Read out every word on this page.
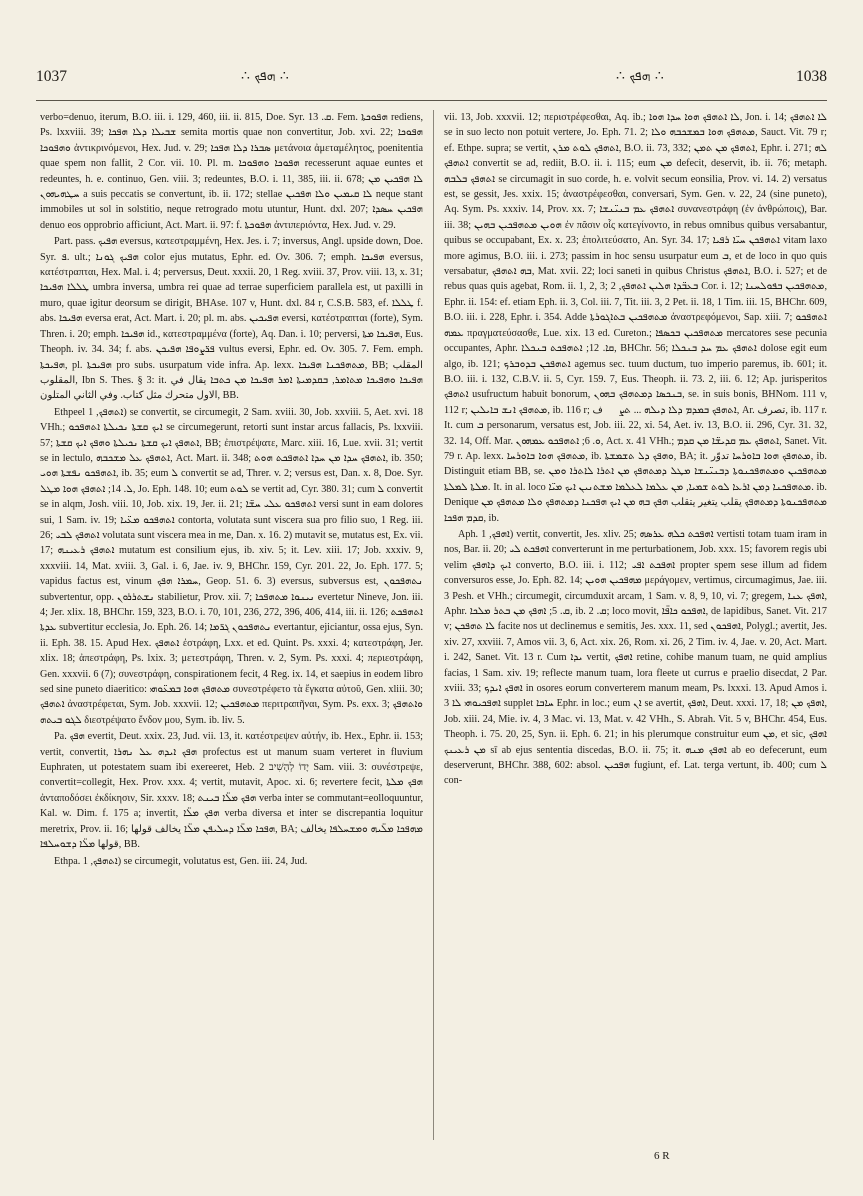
1037	∴ ܗܦܟ ∴	∴ ܗܦܟ ∴	1038

verbo=denuo, iterum, B.O. iii. i. 129, 460, iii. ii. 815, Doe. Syr. ܩ. 13. Fem. ܗܦܘܟܬܐ rediens, Ps. lxxviii. 39; ܫܒܝܠܐ ܕܠܐ ܗܦܟܐ semita mortis quae non convertitur, Job. xvi. 22; ܗܦܘܟܐ ܘܗܦܘܟܐ ἀντικρινόμενοι, Hex. Jud. v. 29; ܣܒܪܐ ܕܠܐ ܗܦܟܐ μετάνοια ἀμεταμέλητος, poenitentia quae spem non fallit, 2 Cor. vii. 10. Pl. m. ܗܦܘܟܐ ܘܗܦܘܟܐ recesserunt aquae euntes et redeuntes, h. e. continuo, Gen. viii. 3; redeuntes, B.O. i. 11, 385, iii. ii. 678; ܠܐ ܗܦܟܝܢ ܡܢ ܚܛܗܝܗܘܢ a suis peccatis se convertunt, ib. ii. 172; stellae ܠܐ ܩܝܡܝܢ ܘܠܐ ܗܦܟܝܢ neque stant immobiles ut sol in solstitio, neque retrogrado motu utuntur, Hunt. dxl. 207; ܗܦܟܝܢ ܚܣܕܐ denuo eos opprobrio afficiunt, Act. Mart. ii. 97: f. ܗܦܘܟܬܐ ἀντιπεριόντα, Hex. Jud. v. 29.

Part. pass. ܗܦܝܟ eversus, κατεστραμμένη, Hex. Jes. i. 7; inversus, Angl. upside down, Doe. Syr. ܦ. ult.; ܗܦܝܟ ܓܘܢܐ color ejus mutatus, Ephr. ed. Ov. 306. 7; emph. ܗܦܝܟܐ eversus, κατέστραπται, Hex. Mal. i. 4; perversus, Deut. xxxii. 20, 1 Reg. xviii. 37, Prov. viii. 13, x. 31; ܛܠܠܐ ܗܦܝܟܐ umbra inversa, umbra rei quae ad terrae superficiem parallela est, ut paxilli in muro, quae igitur deorsum se dirigit, BHAse. 107 v, Hunt. dxl. 84 r, C.S.B. 583, ef. ܛܠܠܐ f. abs. ܗܦܝܟܐ eversa erat, Act. Mart. i. 20; pl. m. abs. ܗܦܝܟܝܢ eversi, κατέστραπται (forte), Sym. Thren. i. 20; emph. ܗܦܝܟܐ id., κατεστραμμένα (forte), Aq. Dan. i. 10; perversi, ܗܦܝܟܐ ܡܬܐ, Eus. Theoph. iv. 34. 34; f. abs. ܦܪ̈ܨܘܦܐ ܗܦܝܟܢ vultus eversi, Ephr. ed. Ov. 305. 7. Fem. emph. ܗܦܝܟܬܐ, pl. ܗܦܝܟܬܐ pro subs. usurpatum vide infra. Ap. lexx. ܡܬܗܦܟܢܐ ܗܦܝܟܐ, BB; المقلب المقلوب, Ibn S. Thes. § 3: it. ܗܦܝܟܐ ܘܗܦܝܟܐ ܡܬܐܡܪ, ܒܩܕܡܝܬܐ ܐܡܪ ܗܦܝܟܐ ܡܢ ܟܬܒܐ يقال في الاول متحرك مثل كتاب. وفي الثاني المتلون, BB.

Ethpeel ܐܬܗܦܟ, 1) se convertit, se circumegit, 2 Sam. xviii. 30, Job. xxviii. 5, Aet. xvi. 18 VHh.; ܐܝܟ ܩܫܬܐ ܢܟܝܠܬܐ ܐܬܗܦܟܘ se circumegerunt, retorti sunt instar arcus fallacis, Ps. lxxviii. 57; ܐܬܗܦܟ ܐܝܟ ܩܫܬܐ ܢܟܝܠܬܐ ܘܗܦܟ ܐܝܟ ܩܫܬܐ, BB; ἐπιστρέψατε, Marc. xiii. 16, Lue. xvii. 31; vertit se in lectulo, ܐܬܗܦܟ ܥܠ ܡܫܟܒܗ, Act. Mart. ii. 348; ܐܬܗܦܟ ܚܕܐ ܡܢ ܚܕܐ ܐܬܗܦܟܬ ܗܘܬ, ib. 350; ܐܬܗܦܟܘ ܢܦܫܬܐ ܗܘܝ, ib. 35; eum ܠ convertit se ad, Threr. v. 2; versus est, Dan. x. 8, Doe. Syr. ܠ. 14; ܐܬܗܦܟ ܗܘܐ ܡܛܠ, Jo. Eph. 148. 10; eum ܠܘܬ se vertit ad, Cyr. 380. 31; cum ܠ convertit se in alqm, Josh. viii. 10, Job. xix. 19, Jer. ii. 21; ܐܬܗܦܟܘ ܥܠܝ ܚܫ̈ܐ versi sunt in eam dolores sui, 1 Sam. iv. 19; ܐܬܗܦܟܘ ܡܥ̈ܝܐ contorta, volutata sunt viscera sua pro filio suo, 1 Reg. iii. 26; ܐܬܗܦܟ ܠܒܝ volutata sunt viscera mea in me, Dan. x. 16. 2) mutavit se, mutatus est, Ex. vii. 17; ܐܬܗܦܟ ܪܥܝܢܗ mutatum est consilium ejus, ib. xiv. 5; it. Lev. xiii. 17; Job. xxxiv. 9, xxxviii. 14, Mat. xviii. 3, Gal. i. 6, Jae. iv. 9, BHChr. 159, Cyr. 201. 22, Jo. Eph. 177. 5; vapidus factus est, vinum ܚܡܪܐ ܗܦܟ, Geop. 51. 6. 3) eversus, subversus est, ܢܬܗܦܟܘܢ subvertentur, opp. ܢܫܬܪܪܘܢ stabilietur, Prov. xii. 7; ܢܝܢܘܐ ܡܬܗܦܟܐ evertetur Nineve, Jon. iii. 4; Jer. xlix. 18, BHChr. 159, 323, B.O. i. 70, 101, 236, 272, 396, 406, 414, iii. ii. 126; ܐܬܗܦܟܬ ܥܕܬܐ subvertitur ecclesia, Jo. Eph. 26. 14; ܢܬܗܦܟܘܢ ܓܪ̈ܡܐ evertantur, ejiciantur, ossa ejus, Syn. ii. Eph. 38. 15. Apud Hex. ܐܬܗܦܟ ἐστράφη, Lxx. et ed. Quint. Ps. xxxi. 4; κατεστράφη, Jer. xlix. 18; ἀπεστράφη, Ps. lxix. 3; μετεστράφη, Thren. v. 2, Sym. Ps. xxxi. 4; περιεστράφη, Gen. xxxvii. 6 (7); συνεστράφη, conspirationem fecit, 4 Reg. ix. 14, et saepius in eodem libro sed sine puneto diaeritico: ܡܬܗܦܟ ܗܘܐ ܒܡܥ̈ܘܗܝ συνεστρέφετο τὰ ἔγκατα αὐτοῦ, Gen. xliii. 30; ܐܬܗܦܟ ἀναστρέφεται, Sym. Job. xxxvii. 12; ܡܬܗܦܟܝܢ περιτραπῆναι, Sym. Ps. exx. 3; ܘܐܬܗܦܟ ܠܓܘ ܒܝܬܗ διεστρέψατο ἔνδον μου, Sym. ib. liv. 5.

Pa. ܗܦܟ evertit, Deut. xxix. 23, Jud. vii. 13, it. κατέστρεψεν αὐτήν, ib. Hex., Ephr. ii. 153; vertit, convertit, ܗܦܟ ܐܝܕܗ ܥܠ ܢܗܪܐ profectus est ut manum suam verteret in fluvium Euphraten, ut potestatem suam ibi exereeret, Heb. יָדוֹ לְהָשִׁיב 2 Sam. viii. 3: συνέστρεψε, convertit=collegit, Hex. Prov. xxx. 4; vertit, mutavit, Apoc. xi. 6; revertere fecit, ܗܦܟ ܡܠܬܐ ἀνταποδόσει ἐκδίκησιν, Sir. xxxv. 18; ܗܦܟ ܡܠ̈ܐ ܒܝܢܬ verba inter se commutant=eolloquuntur, Kal. w. Dim. f. 175 a; invertit, ܗܦܟ ܡܠ̈ܐ verba diversa et inter se discrepantia loquitur meretrix, Prov. ii. 16; ܗܦܟܐ ܡܠ̈ܐ ܕܚܠܝܦܢ ܡܠ̈ܐ يخالف قولها, BA; ܡܗܦܟܐ ܡܠ̈ܝܗ ܘܡܫܚܠܦܐ يخالف قولها ܡܠ̈ܐ ܕܫܘܚܠܦܐ, BB.

Ethpa. ܐܬܗܦܟ, 1) se circumegit, volutatus est, Gen. iii. 24, Jud.

vii. 13, Job. xxxvii. 12; περιστρέφεσθαι, Aq. ib.; ܠܐ ܐܬܗܦܟ ܗܘܐ ܚܕܐ ܗܘܐ, Jon. i. 14; ܠܐ ܐܬܗܦܟ se in suo lecto non potuit vertere, Jo. Eph. 71. 2; ܡܬܗܦܟ ܗܘܐ ܒܡܫܟܒܗ ܘܠܐ, Sauct. Vit. 79 r; ef. Ethpe. supra; se vertit, ܐܬܗܦܟ ܠܘܬ ܡܪܢ, B.O. ii. 73, 332; ܐܬܗܦܟ ܡܢ ܬܡܢ, Ephr. i. 271; ܠܗ ܐܬܗܦܟ convertit se ad, rediit, B.O. ii. i. 115; eum ܡܢ defecit, deservit, ib. ii. 76; metaph. ܐܬܗܦܟ ܒܠܒܗ se circumagit in suo corde, h. e. volvit secum eonsilia, Prov. vi. 14. 2) versatus est, se gessit, Jes. xxix. 15; ἀναστρέφεσθαι, conversari, Sym. Gen. v. 22, 24 (sine puneto), Aq. Sym. Ps. xxxiv. 14, Prov. xx. 7; ܐܬܗܦܟ ܥܡ ܒܢܝ̈ܢܫܐ συνανεστράφη (ἐν ἀνθρώποις), Bar. iii. 38; ܗܘܝܢ ܡܬܗܦܟܝܢ ܒܗܝܢ ἐν πᾶσιν οἷς κατεγίνοντο, in rebus omnibus quibus versabantur, quibus se occupabant, Ex. x. 23; ἐπολιτεύσατο, An. Syr. 34. 17; ܐܬܗܦܟܢ ܚܝ̈ܐ ܪܦܝܐ vitam laxo more agimus, B.O. iii. i. 273; passim in hoc sensu usurpatur eum ܒ, et de loco in quo quis versabatur, ܒܗ ܐܬܗܦܟ, Mat. xvii. 22; loci saneti in quibus Christus ܐܬܗܦܟ, B.O. i. 527; et de rebus quas quis agebat, Rom. ii. 1, 2, 3; ܒܥܒ̈ܕܐ ܗܠܝܢ ܐܬܗܦܟ, 2 Cor. i. 12; ܡܬܗܦܟܝܢ ܒܦܘܠܚܢܐ, Ephr. ii. 154: ef. etiam Eph. ii. 3, Col. iii. 7, Tit. iii. 3, 2 Pet. ii. 18, 1 Tim. iii. 15, BHChr. 609, B.O. iii. i. 228, Ephr. i. 354. Adde ܡܬܗܦܟܝܢ ܒܬܐܓܘܪܬܐ ἀναστρεφόμενοι, Sap. xiii. 7; ܐܬܗܦܟܘ ܥܡܗ πραγματεύσασθε, Lue. xix. 13 ed. Cureton.; ܡܬܗܦܟܝܢ ܒܟܣܦܐ mercatores sese pecunia occupantes, Aphr. ܩܐ. 12; ܐܬܗܦܟܬ ܒܢܟܠܐ, BHChr. 56; ܐܬܗܦܟ ܥܡ ܚܕ ܒܢܟܠܐ dolose egit eum algo, ib. 121; ܐܬܗܦܟܢ ܒܕܘܒܪܟ agemus sec. tuum ductum, tuo imperio paremus, ib. 601; it. B.O. iii. i. 132, C.B.V. ii. 5, Cyr. 159. 7, Eus. Theoph. ii. 73. 2, iii. 6. 12; Ap. jurisperitos ܐܬܗܦܟ usufructum habuit bonorum, ܒܢܟܣܐ ܕܡܬܗܦܟ ܒܗܘܢ, se. in suis bonis, BHNom. 111 v, 112 r; ܡܬܗܦܟ ܐܢܫ ܒܐܝܠܝܢ, ib. 116 r; ܐܬܗܦܟ ܒܡܕܡ ܕܠܐ ܕܝܠܗ ... ܬܨܪّف, Ar. تصرف, ib. 117 r. It. cum ܒ personarum, versatus est, Job. iii. 22, xi. 54, Aet. iv. 13, B.O. ii. 296, Cyr. 31. 32, 32. 14, Off. Mar. ܘ. 6; ܐܬܗܦܟܘ ܥܡܗܘܢ, Act. x. 41 VHh.; ܐܬܗܦܟ ܥܡ ܩܕܝܫ̈ܐ ܡܢ ܩܕܡ, Sanet. Vit. 79 r. Ap. lexx. ܡܬܗܦܟ ܗܘܐ ܒܐܘܪܚܐ, ib. ܘܗܦܟ ܕܠ ܬܫܡܫܬܐ, BA; it. ܡܬܗܦܟ ܗܘܐ ܒܐܘܪܚܐ تدوّر, ib. Distinguit etiam BB, se. ܡܬܗܦܟܝܢ ܘܡܬܗܦܟܢܘܬܐ ܕܒܢܝ̈ܢܫܐ ܡܛܠ ܕܡܬܗܦܟ ܡܢ ܐܬܪܐ ܠܐܬܪܐ ܘܡܢ ܡܠܬܐ ܠܡܠܬܐ. It. in al. loco ܡܬܗܦܟܢܐ ܕܡܢ ܐܪܥܐ ܠܘܬ ܫܡܝܐ, ܡܢ ܥܠܡܐ ܠܥܠܡܐ ܡܫܬܢܝܢ ܐܝܟ ܡܝ̈ܐ. ib. Denique ܡܬܗܦܟܢܘܬܐ ܕܡܬܗܦܟ يقلب يتغير يتقلب ܗܦܟ ܒܗ ܡܢ ܐܝܟ ܗܦܟܢܐ ܕܡܬܗܦܟ ܘܠܐ ܡܬܗܦܟ ܡܢ ܩܕܡ ܗܦܟܐ, ib.

Aph. ܐܗܦܟ, 1) vertit, convertit, Jes. xliv. 25; ܐܗܦܟܬ ܟܠܗ ܥܪܣܗ vertisti totam tuam iram in nos, Bar. ii. 20; ܐܗܦܟܬ ܠܝ converterunt in me perturbationem, Job. xxx. 15; favorem regis ubi velim ܐܝܟ ܕܐܗܦܟ converto, B.O. iii. i. 112; ܐܗܦܟܬ ܐܦܝ propter spem sese illum ad fidem conversuros esse, Jo. Eph. 82. 14; ܡܗܦܟܝܢ ܗܘܝܢ μεράγομεν, vertimus, circumagimus, Jae. iii. 3 Pesh. et VHh.; circumegit, circumduxit arcam, 1 Sam. v. 8, 9, 10, vi. 7; gregem, ܐܗܦܟ ܥܢܐ, Aphr. ܩ. 5; ܐܗܦܟ ܡܢ ܒܬܪ ܡܠܟܐ, ib. ܩ. 2; loco movit, ܐܗܦܟܘ ܟܐܦ̈ܐ, de lapidibus, Sanet. Vit. 217 v; ܠܐ ܬܗܦܟܢ facite nos ut declinemus e semitis, Jes. xxx. 11, sed ܐܗܦܟܘܢ, Polygl.; avertit, Jes. xiv. 27, xxviii. 7, Amos vii. 3, 6, Act. xix. 26, Rom. xi. 26, 2 Tim. iv. 4, Jae. v. 20, Act. Mart. i. 242, Sanet. Vit. 13 r. Cum ܝܕܐ vertit, ܐܗܦܟ retine, cohibe manum tuam, ne quid amplius facias, 1 Sam. xiv. 19; reflecte manum tuam, lora fleete ut currus e praelio disecdat, 2 Par. xviii. 33; ܐܗܦܟ ܐܝܕܟ in osores eorum converterem manum meam, Ps. lxxxi. 13. Apud Amos i. 3 ܐܗܦܟܝܘܗܝ ܠܐ supplet ܚܐܒܐ Ephr. in loc.; eum ܐܢ se avertit, ܐܗܦܟ, Deut. xxxi. 17, 18; ܐܗܦܟ ܡܢ, Job. xiii. 24, Mie. iv. 4, 3 Mac. vi. 13, Mat. v. 42 VHh., S. Abrah. Vit. 5 v, BHChr. 454, Eus. Theoph. i. 75. 20, 25, Syn. ii. Eph. 6. 21; in his plerumque construitur eum ܡܢ, et sic, ܐܗܦܟ ܡܢ ܪܥܝܢܟ sī ab ejus sententia discedas, B.O. ii. 75; it. ܐܗܦܟ ܡܢܗ ab eo defecerunt, eum deserverunt, BHChr. 388, 602: absol. ܗܦܟܝܢ fugiunt, ef. Lat. terga vertunt, ib. 400; cum ܠ con-

6 R
